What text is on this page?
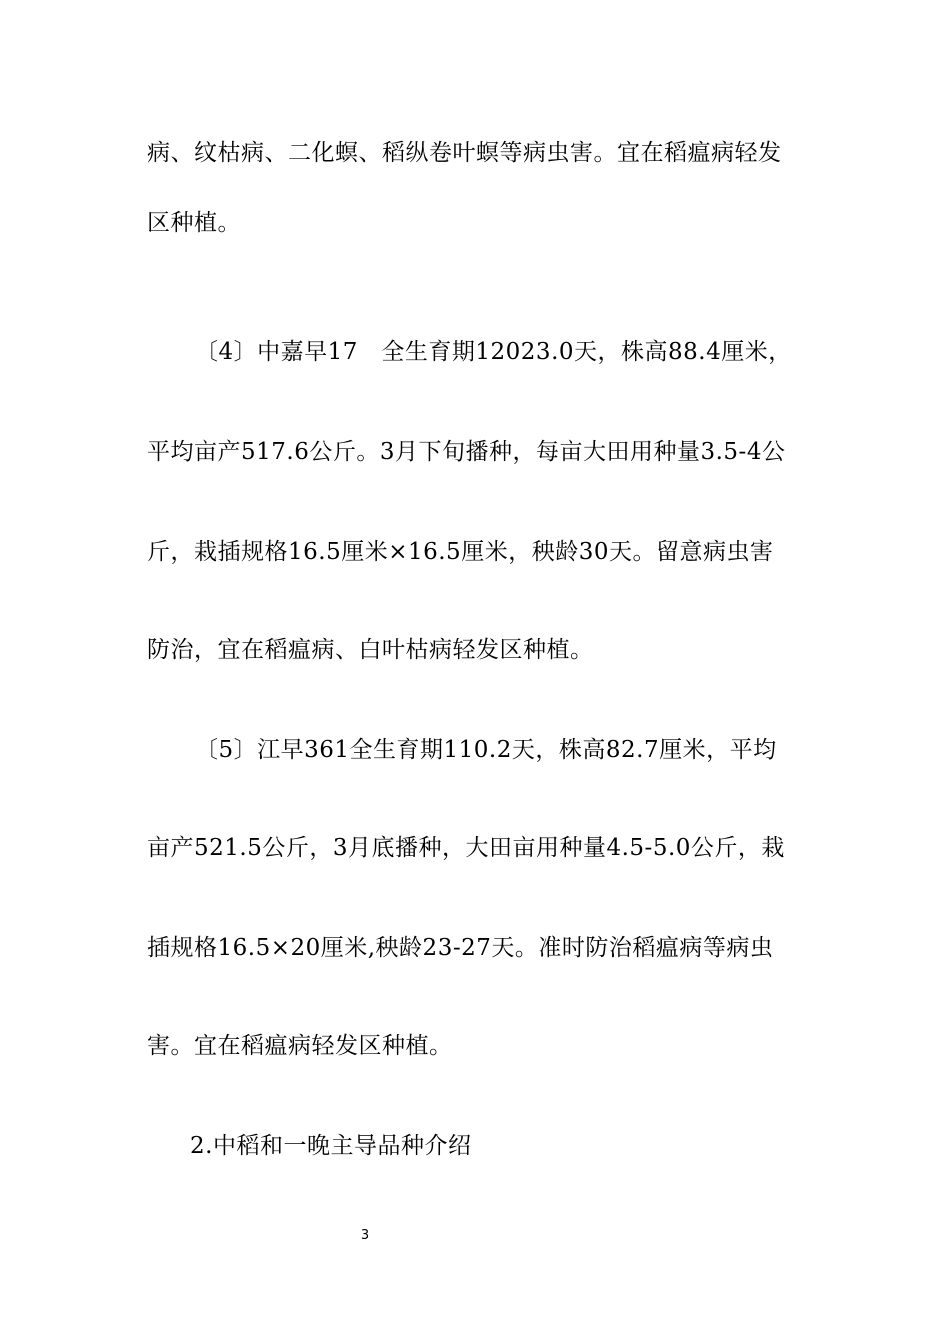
病、纹枯病、二化螟、稻纵卷叶螟等病虫害。宜在稻瘟病轻发

区种植。

〔4〕中嘉早17　全生育期12023.0天，株高88.4厘米，

平均亩产517.6公斤。3月下旬播种，每亩大田用种量3.5-4公

斤，栽插规格16.5厘米×16.5厘米，秧龄30天。留意病虫害

防治，宜在稻瘟病、白叶枯病轻发区种植。

〔5〕江早361全生育期110.2天，株高82.7厘米，平均

亩产521.5公斤，3月底播种，大田亩用种量4.5-5.0公斤，栽

插规格16.5×20厘米,秧龄23-27天。准时防治稻瘟病等病虫

害。宜在稻瘟病轻发区种植。

2.中稻和一晚主导品种介绍

3
